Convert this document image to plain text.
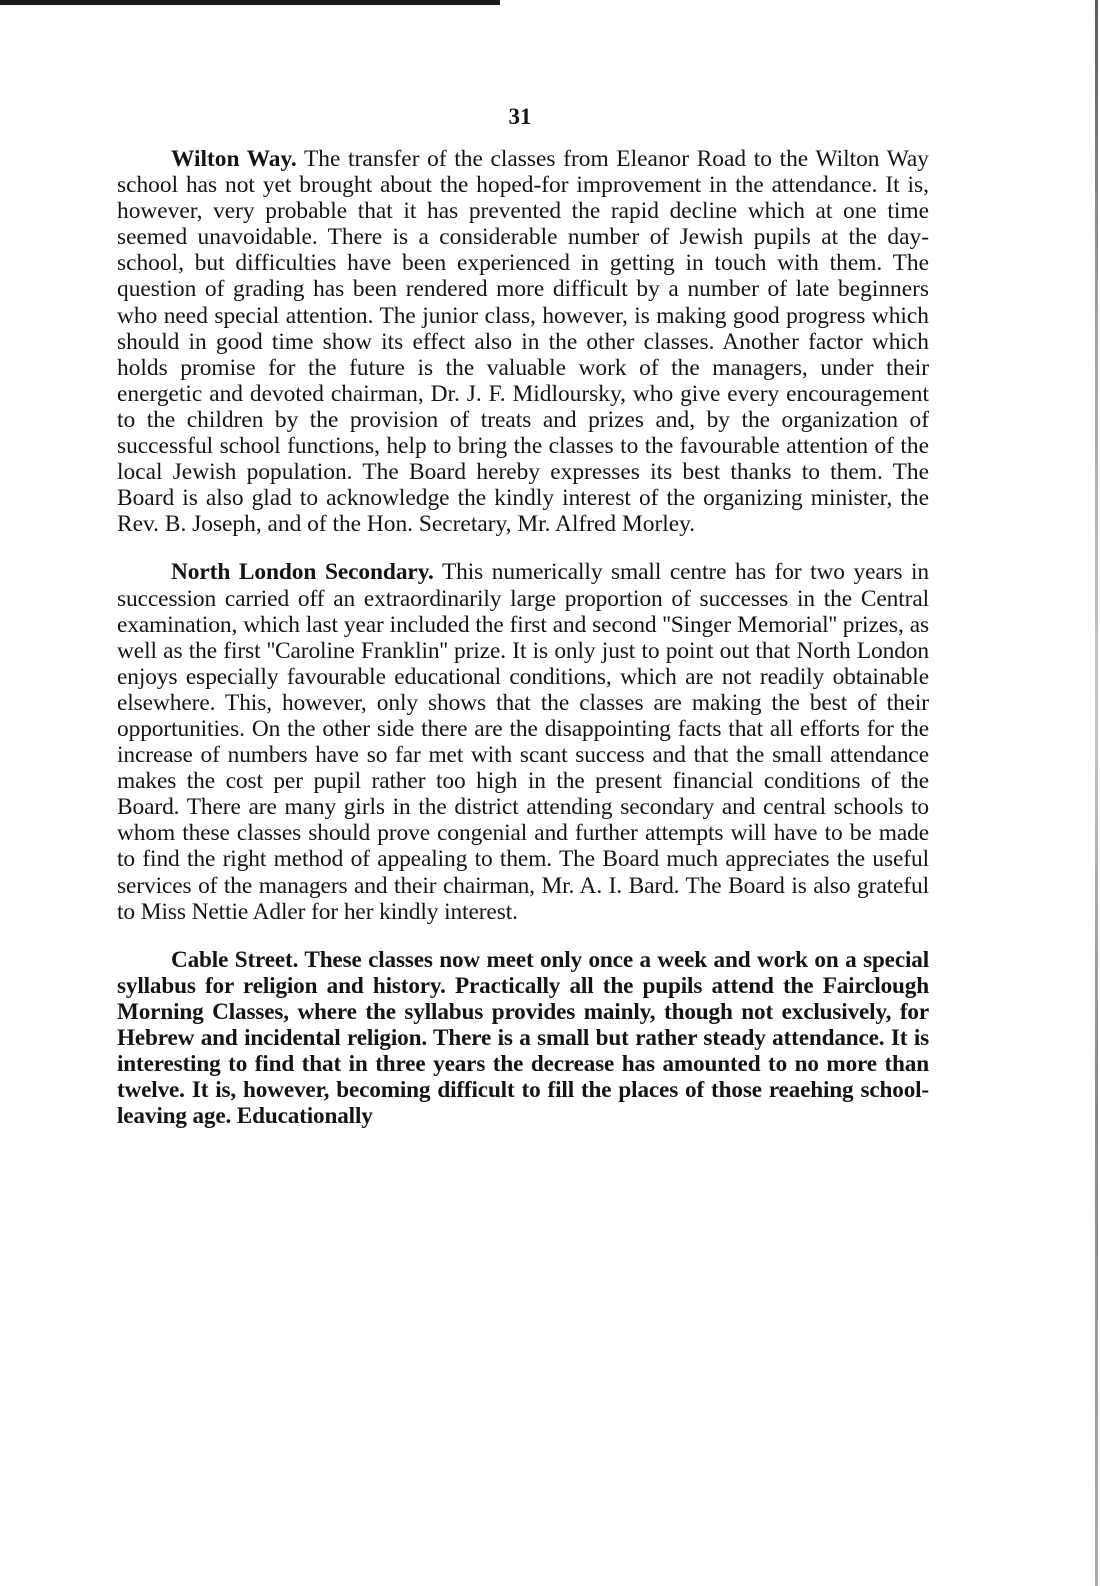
31

Wilton Way. The transfer of the classes from Eleanor Road to the Wilton Way school has not yet brought about the hoped-for improvement in the attendance. It is, however, very probable that it has prevented the rapid decline which at one time seemed unavoidable. There is a considerable number of Jewish pupils at the day-school, but difficulties have been experienced in getting in touch with them. The question of grading has been rendered more difficult by a number of late beginners who need special attention. The junior class, however, is making good progress which should in good time show its effect also in the other classes. Another factor which holds promise for the future is the valuable work of the managers, under their energetic and devoted chairman, Dr. J. F. Midloursky, who give every encouragement to the children by the provision of treats and prizes and, by the organization of successful school functions, help to bring the classes to the favourable attention of the local Jewish population. The Board hereby expresses its best thanks to them. The Board is also glad to acknowledge the kindly interest of the organizing minister, the Rev. B. Joseph, and of the Hon. Secretary, Mr. Alfred Morley.

North London Secondary. This numerically small centre has for two years in succession carried off an extraordinarily large proportion of successes in the Central examination, which last year included the first and second ''Singer Memorial'' prizes, as well as the first ''Caroline Franklin'' prize. It is only just to point out that North London enjoys especially favourable educational conditions, which are not readily obtainable elsewhere. This, however, only shows that the classes are making the best of their opportunities. On the other side there are the disappointing facts that all efforts for the increase of numbers have so far met with scant success and that the small attendance makes the cost per pupil rather too high in the present financial conditions of the Board. There are many girls in the district attending secondary and central schools to whom these classes should prove congenial and further attempts will have to be made to find the right method of appealing to them. The Board much appreciates the useful services of the managers and their chairman, Mr. A. I. Bard. The Board is also grateful to Miss Nettie Adler for her kindly interest.

Cable Street. These classes now meet only once a week and work on a special syllabus for religion and history. Practically all the pupils attend the Fairclough Morning Classes, where the syllabus provides mainly, though not exclusively, for Hebrew and incidental religion. There is a small but rather steady attendance. It is interesting to find that in three years the decrease has amounted to no more than twelve. It is, however, becoming difficult to fill the places of those reaehing school-leaving age. Educationally
